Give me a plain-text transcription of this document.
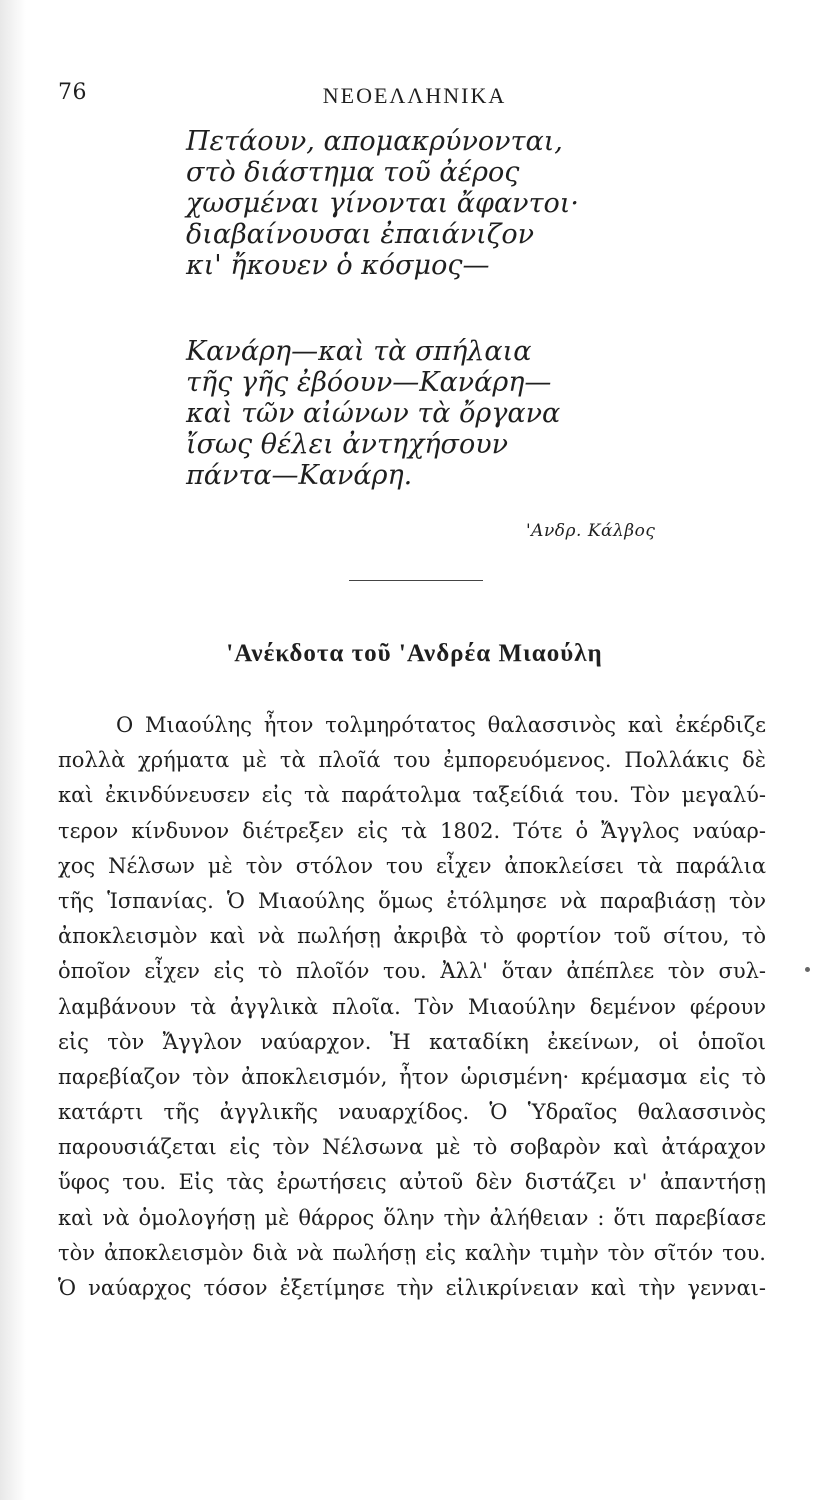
76	ΝΕΟΕΛΛΗΝΙΚΑ
Πετάουν, απομακρύνονται,
στὸ διάστημα τοῦ ἀέρος
χωσμέναι γίνονται ἄφαντοι·
διαβαίνουσαι ἐπαιάνιζον
κι' ἤκουεν ὁ κόσμος—
Κανάρη—καὶ τὰ σπήλαια
τῆς γῆς ἐβόουν—Κανάρη—
καὶ τῶν αἰώνων τὰ ὄργανα
ἴσως θέλει ἀντηχήσουν
πάντα—Κανάρη.
'Ανδρ. Κάλβος
'Ανέκδοτα τοῦ 'Ανδρέα Μιαούλη
Ο Μιαούλης ἦτον τολμηρότατος θαλασσινὸς καὶ ἐκέρδιζε
πολλὰ χρήματα μὲ τὰ πλοῖά του ἐμπορευόμενος. Πολλάκις δὲ
καὶ ἐκινδύνευσεν εἰς τὰ παράτολμα ταξείδιά του. Τὸν μεγαλύ-
τερον κίνδυνον διέτρεξεν εἰς τὰ 1802. Τότε ὁ Ἄγγλος ναύαρ-
χος Νέλσων μὲ τὸν στόλον του εἶχεν ἀποκλείσει τὰ παράλια
τῆς Ἱσπανίας. Ὁ Μιαούλης ὅμως ἐτόλμησε νὰ παραβιάσῃ τὸν
ἀποκλεισμὸν καὶ νὰ πωλήσῃ ἀκριβὰ τὸ φορτίον τοῦ σίτου, τὸ
ὁποῖον εἶχεν εἰς τὸ πλοῖόν του. Ἀλλ' ὅταν ἀπέπλεε τὸν συλ-
λαμβάνουν τὰ ἀγγλικὰ πλοῖα. Τὸν Μιαούλην δεμένον φέρουν
εἰς τὸν Ἄγγλον ναύαρχον. Ἡ καταδίκη ἐκείνων, οἱ ὁποῖοι
παρεβίαζον τὸν ἀποκλεισμόν, ἦτον ὡρισμένη· κρέμασμα εἰς τὸ
κατάρτι τῆς ἀγγλικῆς ναυαρχίδος. Ὁ Ὑδραῖος θαλασσινὸς
παρουσιάζεται εἰς τὸν Νέλσωνα μὲ τὸ σοβαρὸν καὶ ἀτάραχον
ὕφος του. Εἰς τὰς ἐρωτήσεις αὐτοῦ δὲν διστάζει ν' ἀπαντήσῃ
καὶ νὰ ὁμολογήσῃ μὲ θάρρος ὅλην τὴν ἀλήθειαν : ὅτι παρεβίασε
τὸν ἀποκλεισμὸν διὰ νὰ πωλήσῃ εἰς καλὴν τιμὴν τὸν σῖτόν του.
Ὁ ναύαρχος τόσον ἐξετίμησε τὴν εἰλικρίνειαν καὶ τὴν γενναι-
